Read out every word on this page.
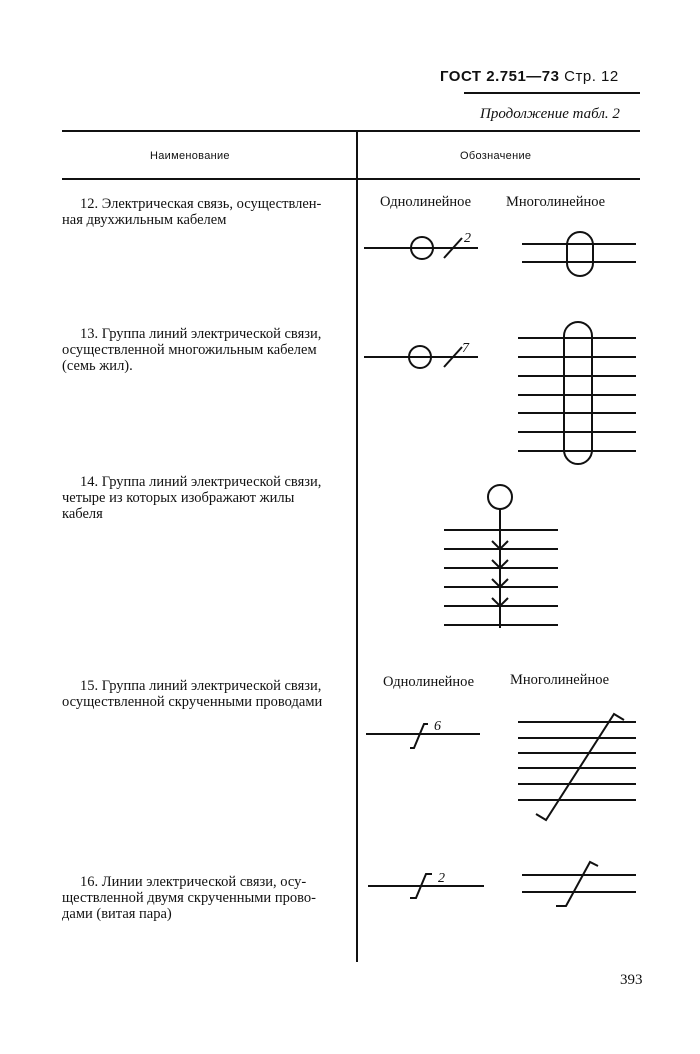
ГОСТ 2.751—73 Стр. 12
Продолжение табл. 2
Наименование	Обозначение
12. Электрическая связь, осуществлен-
ная двухжильным кабелем
Однолинейное Многолинейное
13. Группа линий электрической связи,
осуществленной многожильным кабелем
(семь жил).
14. Группа линий электрической связи,
четыре из которых изображают жилы
кабеля
15. Группа линий электрической связи,
осуществленной скрученными проводами
Однолинейное Многолинейное
16. Линии электрической связи, осу-
ществленной двумя скрученными прово-
дами (витая пара)
2
7
6
2
393
